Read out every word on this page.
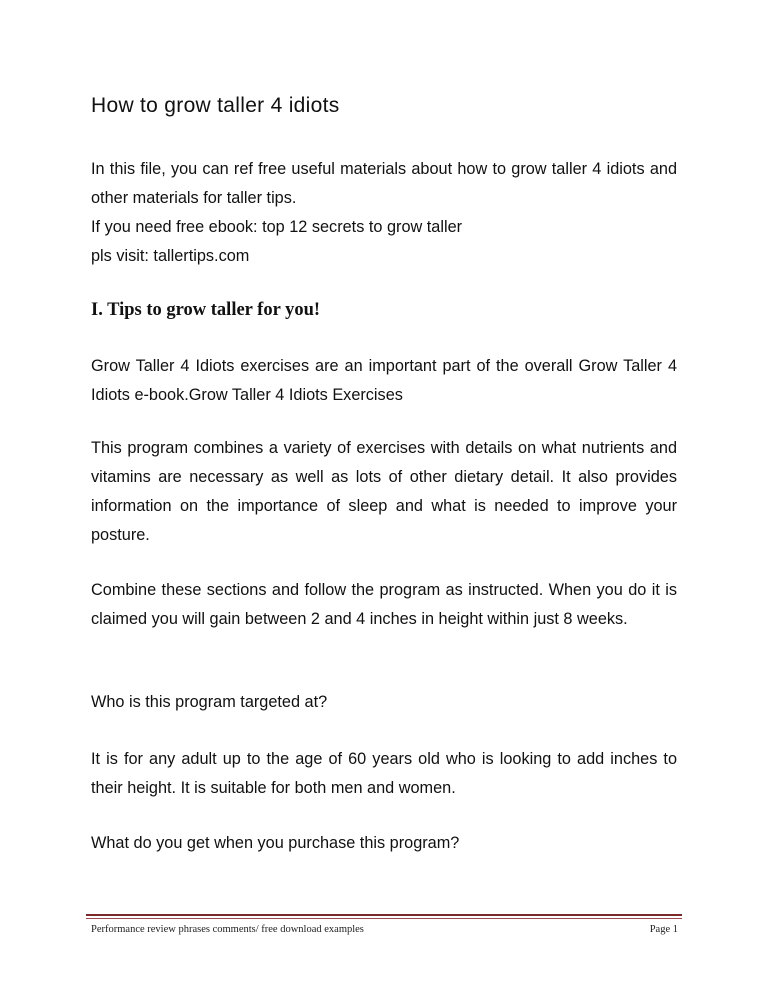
How to grow taller 4 idiots

In this file, you can ref free useful materials about how to grow taller 4 idiots and other materials for taller tips.

If you need free ebook: top 12 secrets to grow taller

pls visit: tallertips.com

I. Tips to grow taller for you!

Grow Taller 4 Idiots exercises are an important part of the overall Grow Taller 4 Idiots e-book.Grow Taller 4 Idiots Exercises

This program combines a variety of exercises with details on what nutrients and vitamins are necessary as well as lots of other dietary detail. It also provides information on the importance of sleep and what is needed to improve your posture.

Combine these sections and follow the program as instructed. When you do it is claimed you will gain between 2 and 4 inches in height within just 8 weeks.

Who is this program targeted at?

It is for any adult up to the age of 60 years old who is looking to add inches to their height. It is suitable for both men and women.

What do you get when you purchase this program?

Performance review phrases comments/ free download examples	Page 1
